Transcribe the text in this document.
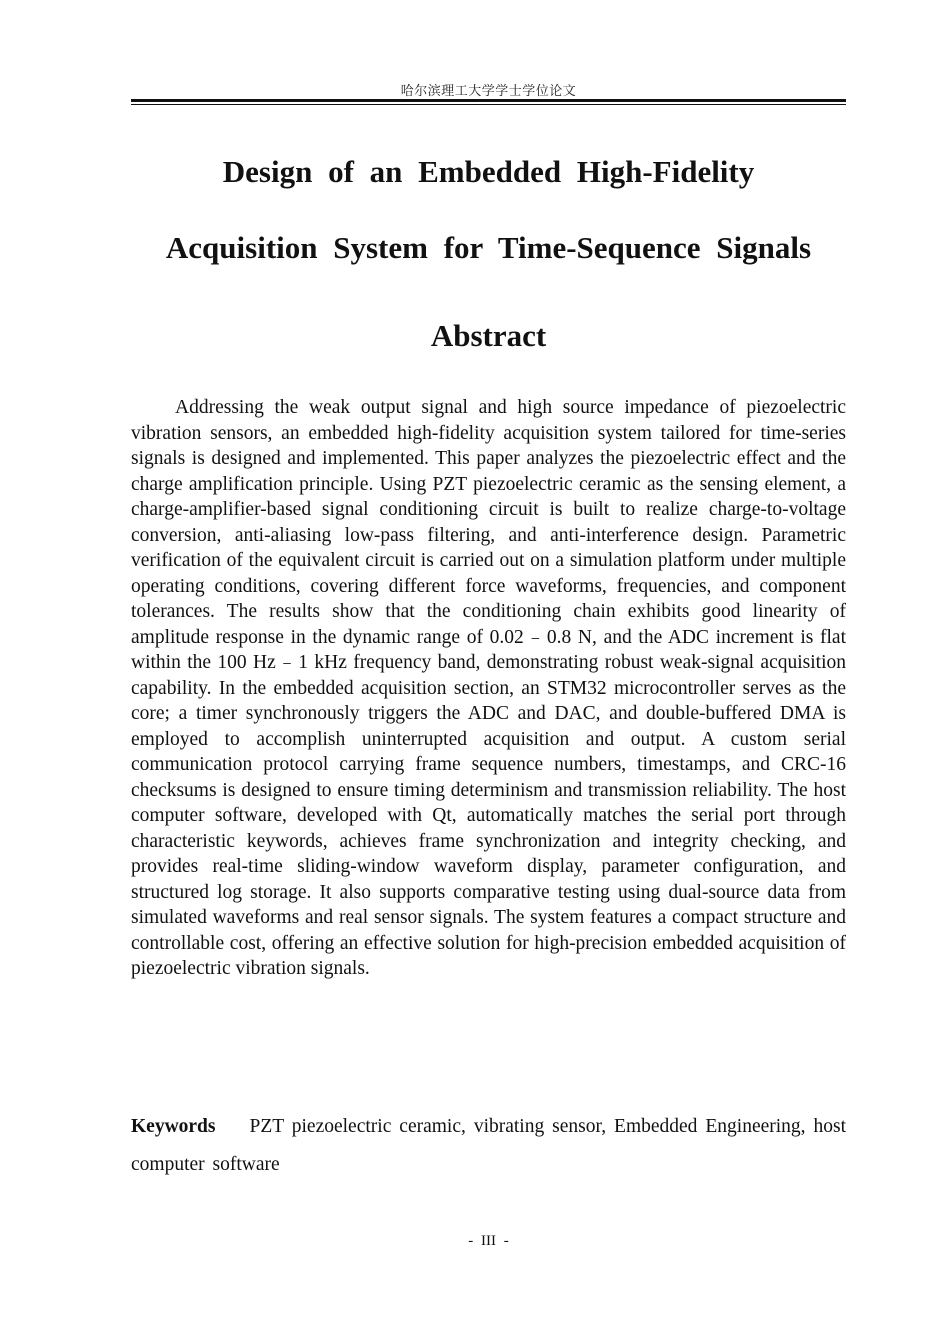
哈尔滨理工大学学士学位论文
Design of an Embedded High-Fidelity
Acquisition System for Time-Sequence Signals
Abstract

Addressing the weak output signal and high source impedance of piezoelectric vibration sensors, an embedded high-fidelity acquisition system tailored for time-series signals is designed and implemented. This paper analyzes the piezoelectric effect and the charge amplification principle. Using PZT piezoelectric ceramic as the sensing element, a charge-amplifier-based signal conditioning circuit is built to realize charge-to-voltage conversion, anti-aliasing low-pass filtering, and anti-interference design. Parametric verification of the equivalent circuit is carried out on a simulation platform under multiple operating conditions, covering different force waveforms, frequencies, and component tolerances. The results show that the conditioning chain exhibits good linearity of amplitude response in the dynamic range of 0.02﹣0.8 N, and the ADC increment is flat within the 100 Hz﹣1 kHz frequency band, demonstrating robust weak-signal acquisition capability. In the embedded acquisition section, an STM32 microcontroller serves as the core; a timer synchronously triggers the ADC and DAC, and double-buffered DMA is employed to accomplish uninterrupted acquisition and output. A custom serial communication protocol carrying frame sequence numbers, timestamps, and CRC-16 checksums is designed to ensure timing determinism and transmission reliability. The host computer software, developed with Qt, automatically matches the serial port through characteristic keywords, achieves frame synchronization and integrity checking, and provides real-time sliding-window waveform display, parameter configuration, and structured log storage. It also supports comparative testing using dual-source data from simulated waveforms and real sensor signals. The system features a compact structure and controllable cost, offering an effective solution for high-precision embedded acquisition of piezoelectric vibration signals.

Keywords PZT piezoelectric ceramic, vibrating sensor, Embedded Engineering, host computer software

- III -
